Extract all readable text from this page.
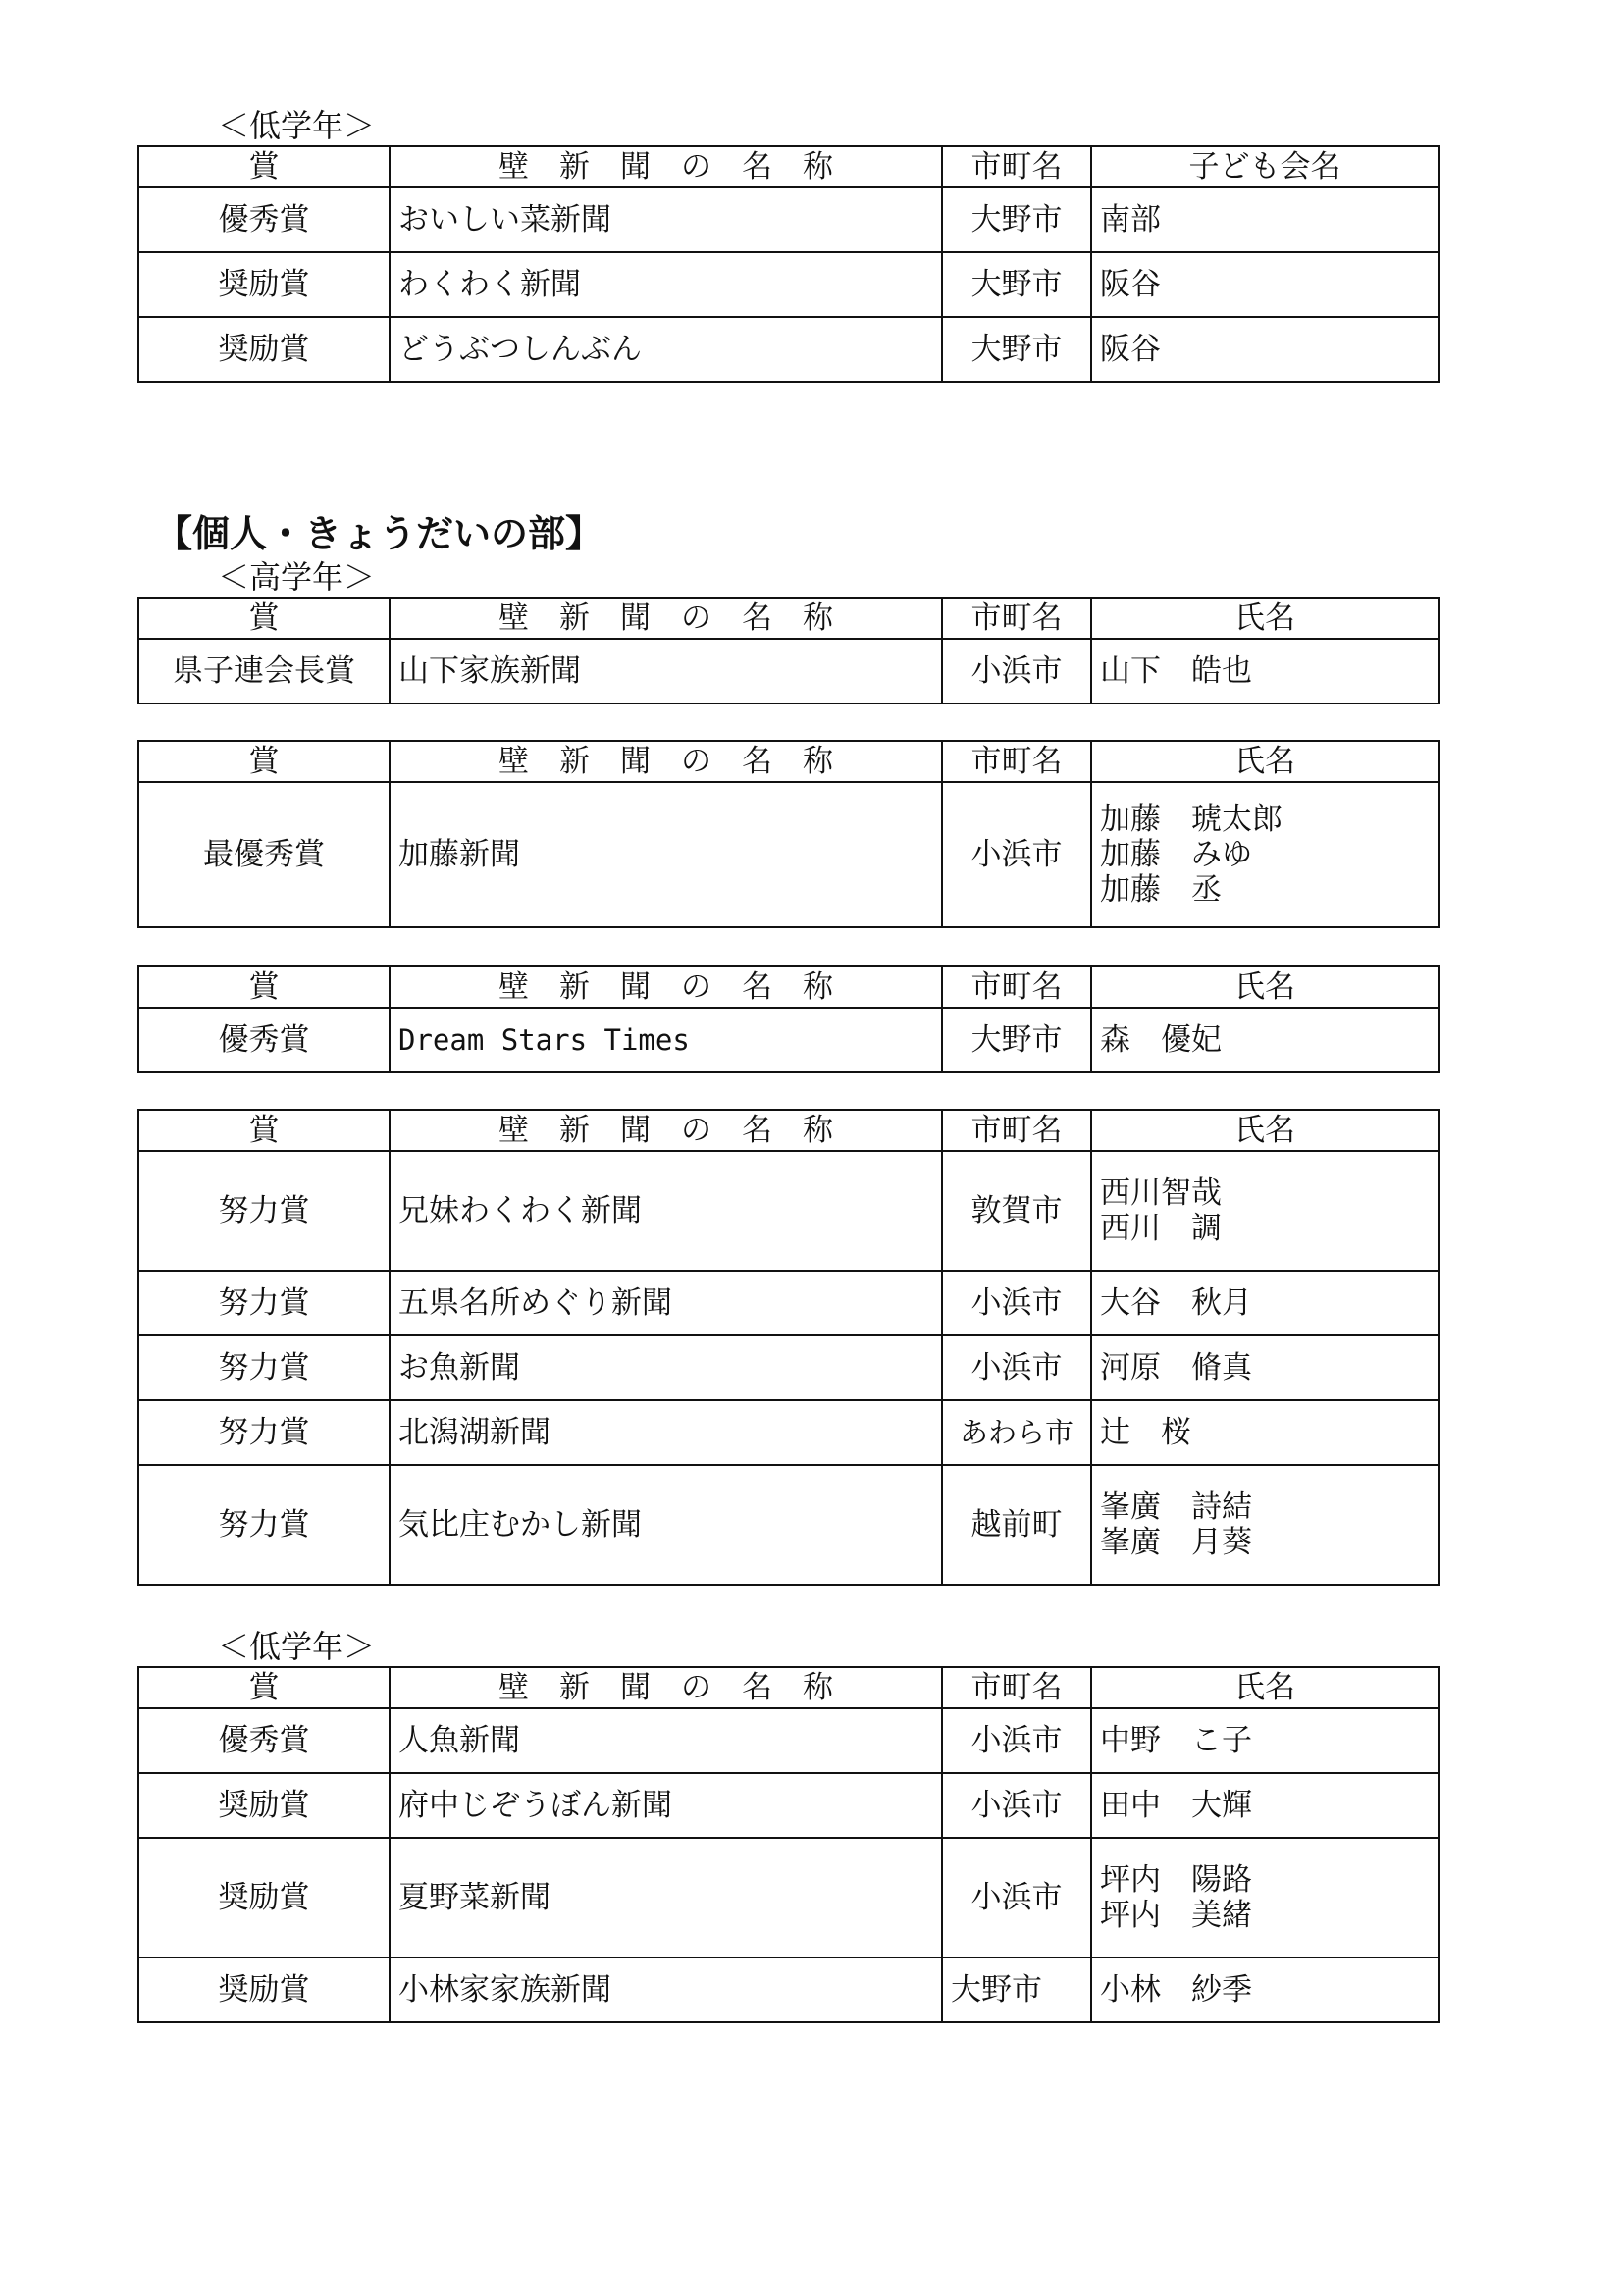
＜低学年＞
賞	壁　新　聞　の　名　称	市町名	子ども会名
優秀賞	おいしい菜新聞	大野市	南部
奨励賞	わくわく新聞	大野市	阪谷
奨励賞	どうぶつしんぶん	大野市	阪谷
【個人・きょうだいの部】
＜高学年＞
賞	壁　新　聞　の　名　称	市町名	氏名
県子連会長賞	山下家族新聞	小浜市	山下　皓也
賞	壁　新　聞　の　名　称	市町名	氏名
最優秀賞	加藤新聞	小浜市	加藤　琥太郎
加藤　みゆ
加藤　丞
賞	壁　新　聞　の　名　称	市町名	氏名
優秀賞	Dream Stars Times	大野市	森　優妃
賞	壁　新　聞　の　名　称	市町名	氏名
努力賞	兄妹わくわく新聞	敦賀市	西川智哉
西川　調
努力賞	五県名所めぐり新聞	小浜市	大谷　秋月
努力賞	お魚新聞	小浜市	河原　脩真
努力賞	北潟湖新聞	あわら市	辻　桜
努力賞	気比庄むかし新聞	越前町	峯廣　詩結
峯廣　月葵
＜低学年＞
賞	壁　新　聞　の　名　称	市町名	氏名
優秀賞	人魚新聞	小浜市	中野　こ子
奨励賞	府中じぞうぼん新聞	小浜市	田中　大輝
奨励賞	夏野菜新聞	小浜市	坪内　陽路
坪内　美緒
奨励賞	小林家家族新聞	大野市	小林　紗季
